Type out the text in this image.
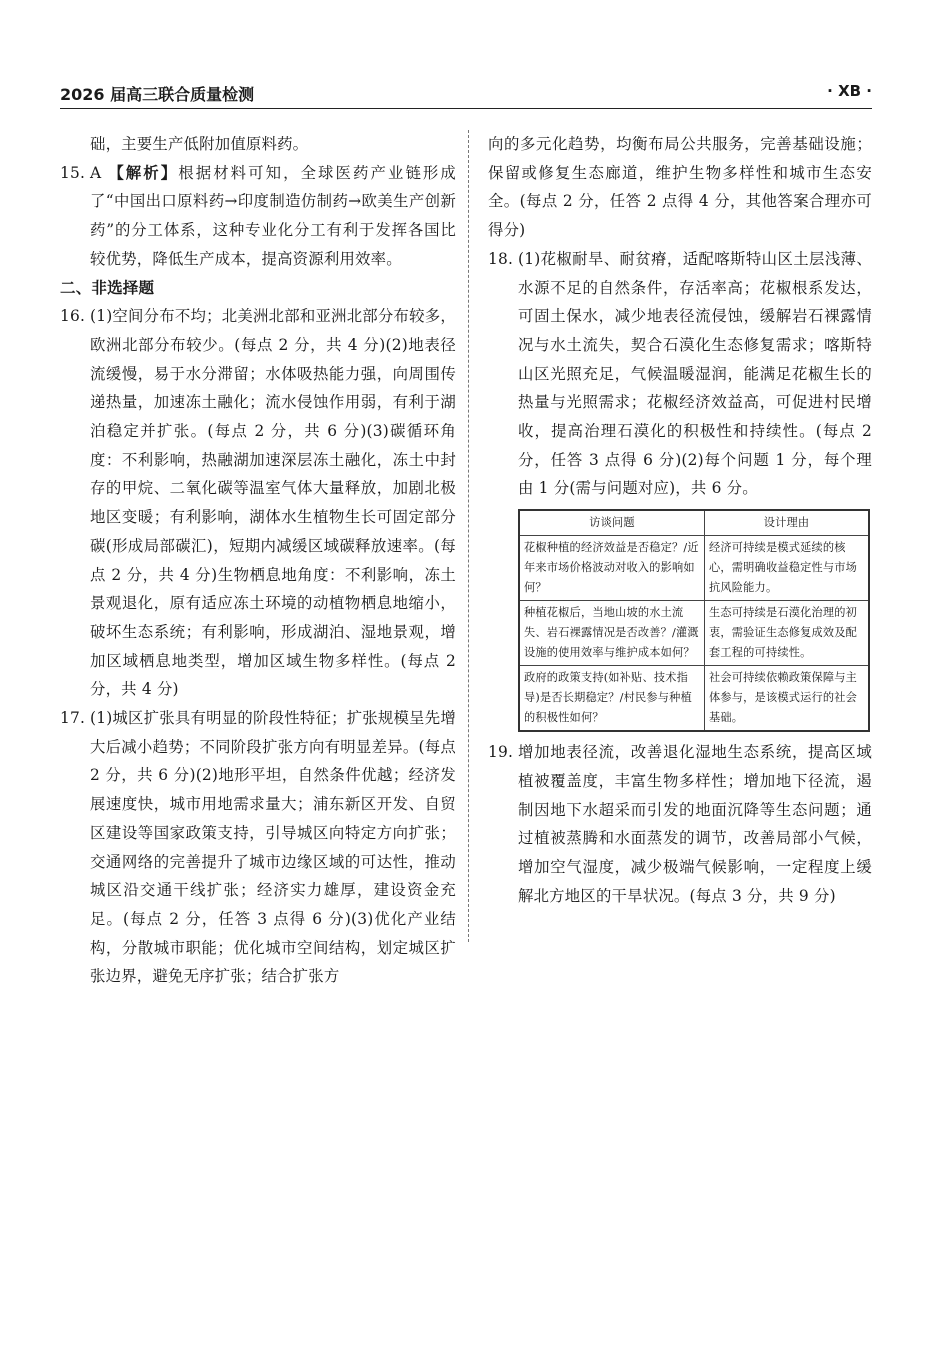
2026 届高三联合质量检测	· XB ·
础，主要生产低附加值原料药。
15. A 【解析】根据材料可知，全球医药产业链形成了“中国出口原料药→印度制造仿制药→欧美生产创新药”的分工体系，这种专业化分工有利于发挥各国比较优势，降低生产成本，提高资源利用效率。
二、非选择题
16. (1)空间分布不均；北美洲北部和亚洲北部分布较多，欧洲北部分布较少。(每点 2 分，共 4 分)(2)地表径流缓慢，易于水分滞留；水体吸热能力强，向周围传递热量，加速冻土融化；流水侵蚀作用弱，有利于湖泊稳定并扩张。(每点 2 分，共 6 分)(3)碳循环角度：不利影响，热融湖加速深层冻土融化，冻土中封存的甲烷、二氧化碳等温室气体大量释放，加剧北极地区变暖；有利影响，湖体水生植物生长可固定部分碳(形成局部碳汇)，短期内减缓区域碳释放速率。(每点 2 分，共 4 分)生物栖息地角度：不利影响，冻土景观退化，原有适应冻土环境的动植物栖息地缩小，破坏生态系统；有利影响，形成湖泊、湿地景观，增加区域栖息地类型，增加区域生物多样性。(每点 2 分，共 4 分)
17. (1)城区扩张具有明显的阶段性特征；扩张规模呈先增大后减小趋势；不同阶段扩张方向有明显差异。(每点 2 分，共 6 分)(2)地形平坦，自然条件优越；经济发展速度快，城市用地需求量大；浦东新区开发、自贸区建设等国家政策支持，引导城区向特定方向扩张；交通网络的完善提升了城市边缘区域的可达性，推动城区沿交通干线扩张；经济实力雄厚，建设资金充足。(每点 2 分，任答 3 点得 6 分)(3)优化产业结构，分散城市职能；优化城市空间结构，划定城区扩张边界，避免无序扩张；结合扩张方
向的多元化趋势，均衡布局公共服务，完善基础设施；保留或修复生态廊道，维护生物多样性和城市生态安全。(每点 2 分，任答 2 点得 4 分，其他答案合理亦可得分)
18. (1)花椒耐旱、耐贫瘠，适配喀斯特山区土层浅薄、水源不足的自然条件，存活率高；花椒根系发达，可固土保水，减少地表径流侵蚀，缓解岩石裸露情况与水土流失，契合石漠化生态修复需求；喀斯特山区光照充足，气候温暖湿润，能满足花椒生长的热量与光照需求；花椒经济效益高，可促进村民增收，提高治理石漠化的积极性和持续性。(每点 2 分，任答 3 点得 6 分)(2)每个问题 1 分，每个理由 1 分(需与问题对应)，共 6 分。
访谈问题	设计理由
花椒种植的经济效益是否稳定？/近年来市场价格波动对收入的影响如何？	经济可持续是模式延续的核心，需明确收益稳定性与市场抗风险能力。
种植花椒后，当地山坡的水土流失、岩石裸露情况是否改善？/灌溉设施的使用效率与维护成本如何？	生态可持续是石漠化治理的初衷，需验证生态修复成效及配套工程的可持续性。
政府的政策支持(如补贴、技术指导)是否长期稳定？/村民参与种植的积极性如何？	社会可持续依赖政策保障与主体参与，是该模式运行的社会基础。
19. 增加地表径流，改善退化湿地生态系统，提高区域植被覆盖度，丰富生物多样性；增加地下径流，遏制因地下水超采而引发的地面沉降等生态问题；通过植被蒸腾和水面蒸发的调节，改善局部小气候，增加空气湿度，减少极端气候影响，一定程度上缓解北方地区的干旱状况。(每点 3 分，共 9 分)
